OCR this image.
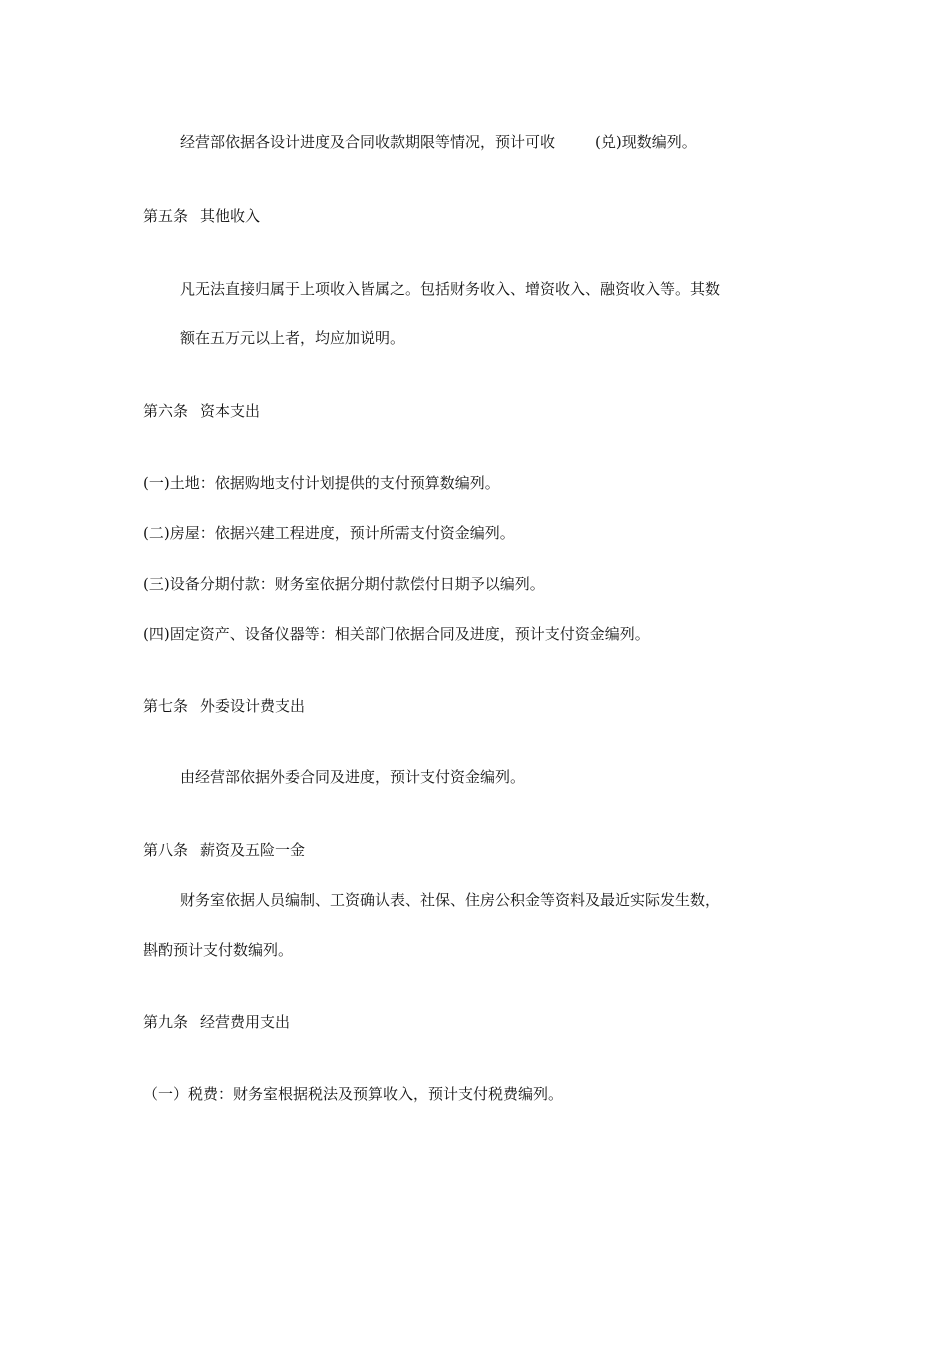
经营部依据各设计进度及合同收款期限等情况，预计可收	(兑)现数编列。
第五条 其他收入
凡无法直接归属于上项收入皆属之。包括财务收入、增资收入、融资收入等。其数
额在五万元以上者，均应加说明。
第六条 资本支出
(一)土地：依据购地支付计划提供的支付预算数编列。
(二)房屋：依据兴建工程进度，预计所需支付资金编列。
(三)设备分期付款：财务室依据分期付款偿付日期予以编列。
(四)固定资产、设备仪器等：相关部门依据合同及进度，预计支付资金编列。
第七条 外委设计费支出
由经营部依据外委合同及进度，预计支付资金编列。
第八条 薪资及五险一金
财务室依据人员编制、工资确认表、社保、住房公积金等资料及最近实际发生数，
斟酌预计支付数编列。
第九条 经营费用支出
（一）税费：财务室根据税法及预算收入，预计支付税费编列。
